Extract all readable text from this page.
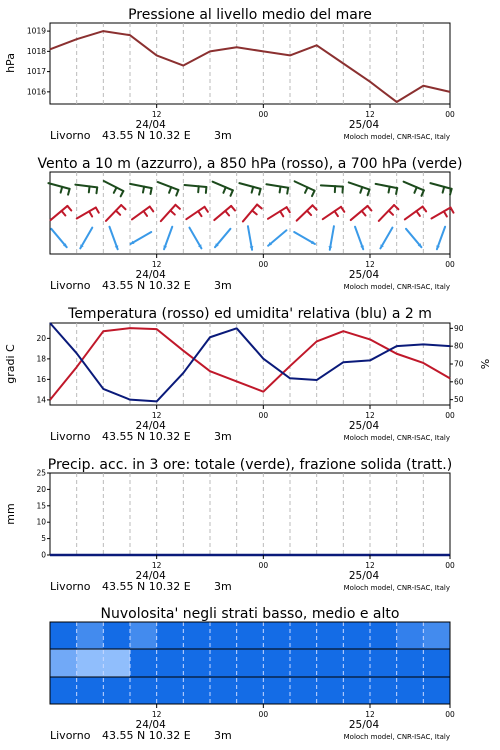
Pressione al livello medio del mare
1016
1017
1018
1019
hPa
12	00	12	00
24/04	25/04
Livorno 43.55 N 10.32 E 3m	Moloch model, CNR-ISAC, Italy
Vento a 10 m (azzurro), a 850 hPa (rosso), a 700 hPa (verde)
12	00	12	00
24/04	25/04
Livorno 43.55 N 10.32 E 3m	Moloch model, CNR-ISAC, Italy
Temperatura (rosso) ed umidita' relativa (blu) a 2 m
14
16
18
20
50
60
70
80
90
gradi C	%
12	00	12	00
24/04	25/04
Livorno 43.55 N 10.32 E 3m	Moloch model, CNR-ISAC, Italy
Precip. acc. in 3 ore: totale (verde), frazione solida (tratt.)
0
5
10
15
20
25
mm
12	00	12	00
24/04	25/04
Livorno 43.55 N 10.32 E 3m	Moloch model, CNR-ISAC, Italy
Nuvolosita' negli strati basso, medio e alto
12	00	12	00
24/04	25/04
Livorno 43.55 N 10.32 E 3m	Moloch model, CNR-ISAC, Italy
